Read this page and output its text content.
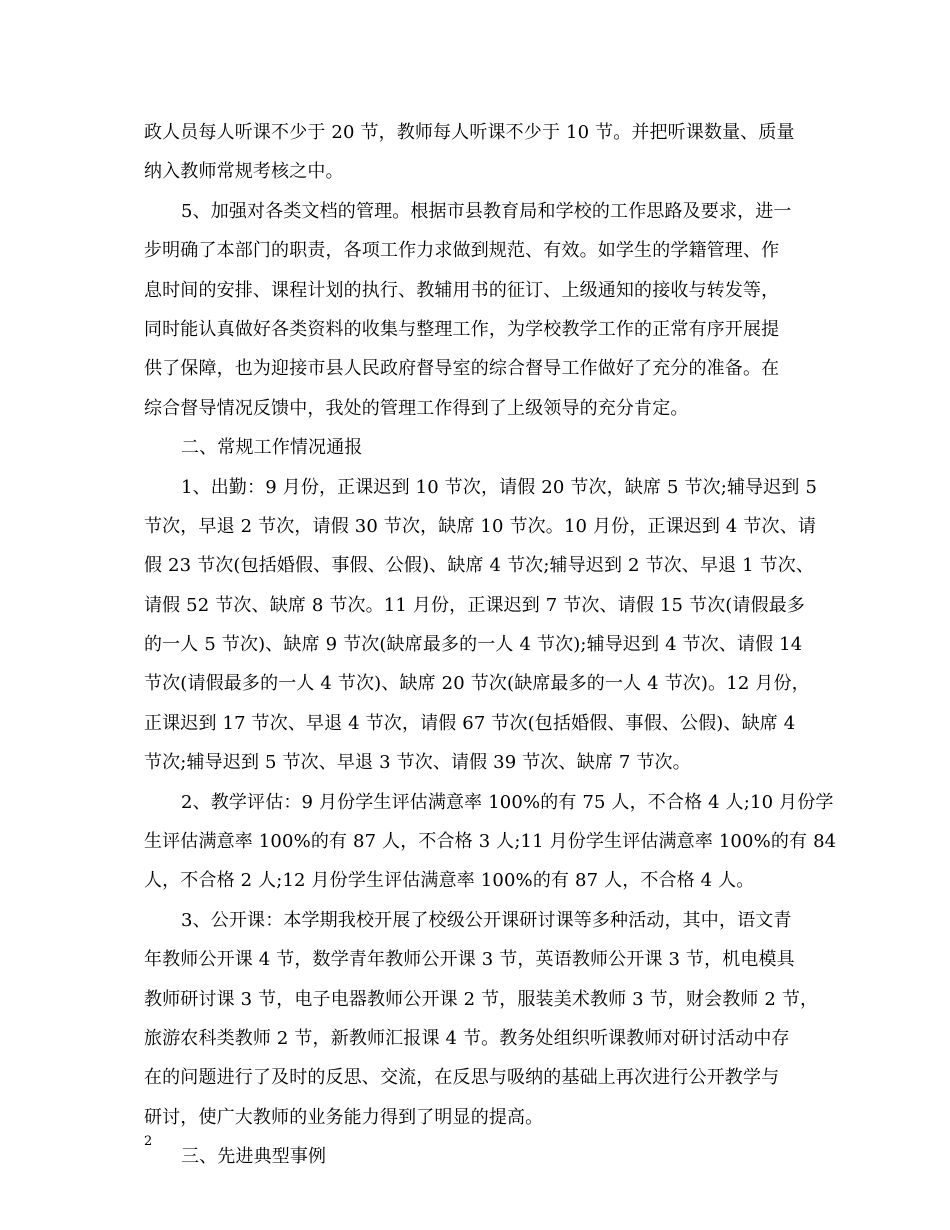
政人员每人听课不少于 20 节，教师每人听课不少于 10 节。并把听课数量、质量
纳入教师常规考核之中。
5、加强对各类文档的管理。根据市县教育局和学校的工作思路及要求，进一
步明确了本部门的职责，各项工作力求做到规范、有效。如学生的学籍管理、作
息时间的安排、课程计划的执行、教辅用书的征订、上级通知的接收与转发等，
同时能认真做好各类资料的收集与整理工作，为学校教学工作的正常有序开展提
供了保障，也为迎接市县人民政府督导室的综合督导工作做好了充分的准备。在
综合督导情况反馈中，我处的管理工作得到了上级领导的充分肯定。
二、常规工作情况通报
1、出勤：9 月份，正课迟到 10 节次，请假 20 节次，缺席 5 节次;辅导迟到 5
节次，早退 2 节次，请假 30 节次，缺席 10 节次。10 月份，正课迟到 4 节次、请
假 23 节次(包括婚假、事假、公假)、缺席 4 节次;辅导迟到 2 节次、早退 1 节次、
请假 52 节次、缺席 8 节次。11 月份，正课迟到 7 节次、请假 15 节次(请假最多
的一人 5 节次)、缺席 9 节次(缺席最多的一人 4 节次);辅导迟到 4 节次、请假 14
节次(请假最多的一人 4 节次)、缺席 20 节次(缺席最多的一人 4 节次)。12 月份，
正课迟到 17 节次、早退 4 节次，请假 67 节次(包括婚假、事假、公假)、缺席 4
节次;辅导迟到 5 节次、早退 3 节次、请假 39 节次、缺席 7 节次。
2、教学评估：9 月份学生评估满意率 100%的有 75 人，不合格 4 人;10 月份学
生评估满意率 100%的有 87 人，不合格 3 人;11 月份学生评估满意率 100%的有 84
人，不合格 2 人;12 月份学生评估满意率 100%的有 87 人，不合格 4 人。
3、公开课：本学期我校开展了校级公开课研讨课等多种活动，其中，语文青
年教师公开课 4 节，数学青年教师公开课 3 节，英语教师公开课 3 节，机电模具
教师研讨课 3 节，电子电器教师公开课 2 节，服装美术教师 3 节，财会教师 2 节，
旅游农科类教师 2 节，新教师汇报课 4 节。教务处组织听课教师对研讨活动中存
在的问题进行了及时的反思、交流，在反思与吸纳的基础上再次进行公开教学与
研讨，使广大教师的业务能力得到了明显的提高。
三、先进典型事例
2
